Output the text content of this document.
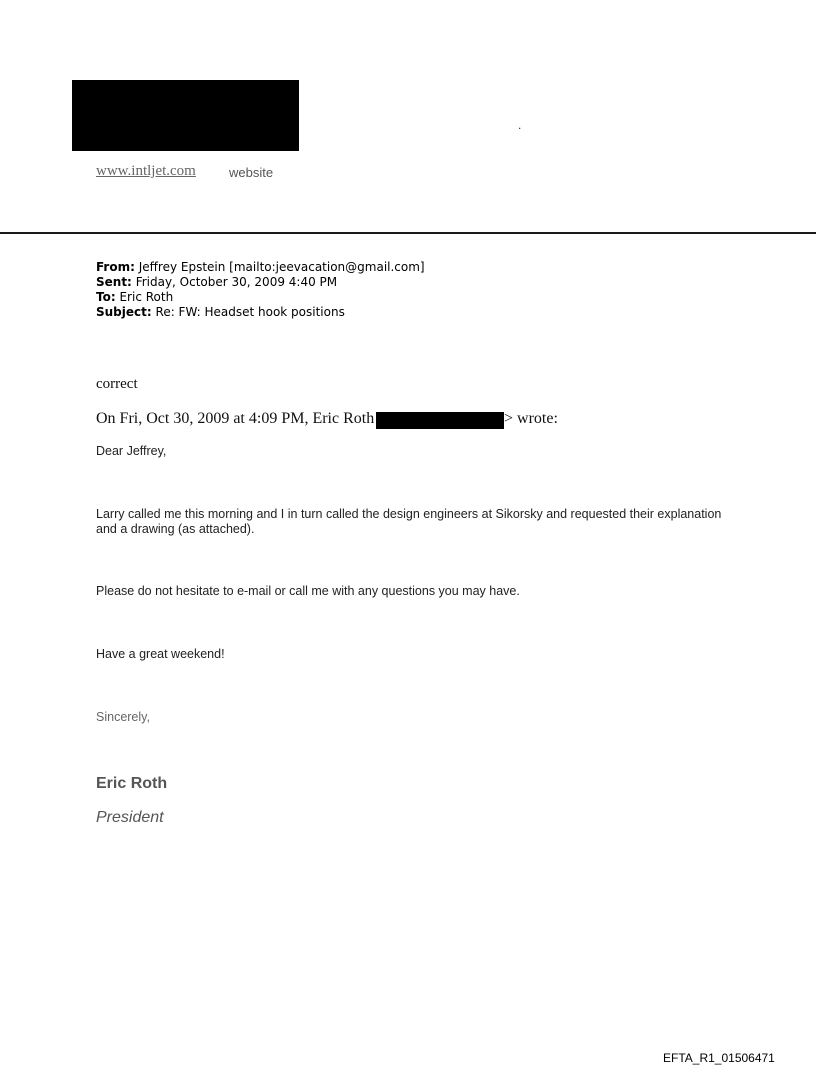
.
www.intljet.com	website
From: Jeffrey Epstein [mailto:jeevacation@gmail.com]
Sent: Friday, October 30, 2009 4:40 PM
To: Eric Roth
Subject: Re: FW: Headset hook positions
correct
On Fri, Oct 30, 2009 at 4:09 PM, Eric Roth	> wrote:
Dear Jeffrey,
Larry called me this morning and I in turn called the design engineers at Sikorsky and requested their explanation and a drawing (as attached).
Please do not hesitate to e-mail or call me with any questions you may have.
Have a great weekend!
Sincerely,
Eric Roth
President
EFTA_R1_01506471
